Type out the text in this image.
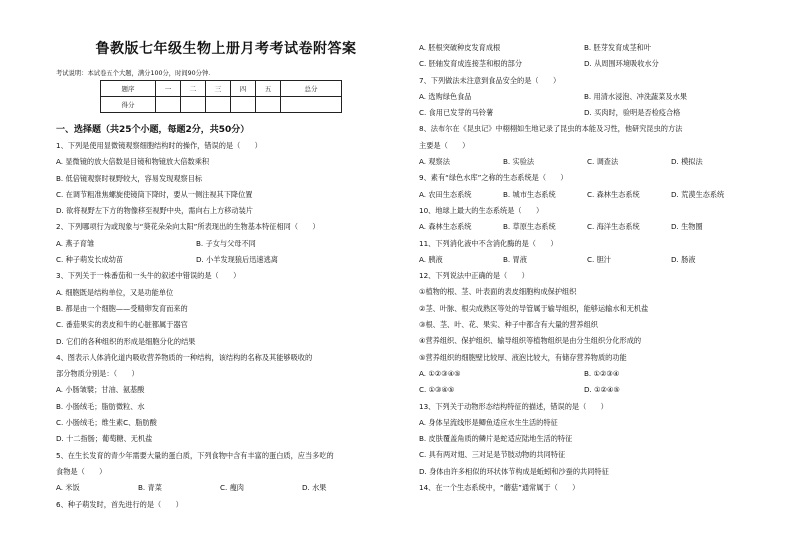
鲁教版七年级生物上册月考考试卷附答案
考试说明：本试卷五个大题，满分100分，时间90分钟.
题序	一	二	三	四	五	总分
得分						
一、选择题（共25个小题，每题2分，共50分）
1、下列是使用显微镜观察细胞结构时的操作，错误的是（　　）
A. 显微镜的放大倍数是目镜和物镜放大倍数乘积
B. 低倍镜观察时视野较大，容易发现观察目标
C. 在调节粗准焦螺旋使镜筒下降时，要从一侧注视其下降位置
D. 欲将视野左下方的物像移至视野中央，需向右上方移动装片
2、下列哪项行为或现象与“葵花朵朵向太阳”所表现出的生物基本特征相同（　　）
A. 燕子育雏	B. 子女与父母不同
C. 种子萌发长成幼苗	D. 小羊发现狼后迅速逃离
3、下列关于一株番茄和一头牛的叙述中错误的是（　　）
A. 细胞既是结构单位，又是功能单位
B. 都是由一个细胞——受精卵发育而来的
C. 番茄果实的表皮和牛的心脏都属于器官
D. 它们的各种组织的形成是细胞分化的结果
4、图表示人体消化道内吸收营养物质的一种结构，该结构的名称及其能够吸收的
部分物质分别是：（　　）
A. 小肠皱襞；甘油、氨基酸
B. 小肠绒毛；脂肪微粒、水
C. 小肠绒毛；维生素C、脂肪酸
D. 十二指肠；葡萄糖、无机盐
5、在生长发育的青少年需要大量的蛋白质，下列食物中含有丰富的蛋白质，应当多吃的
食物是（　　）
A. 米饭	B. 青菜	C. 瘦肉	D. 水果
6、种子萌发时，首先进行的是（　　）
A. 胚根突破种皮发育成根	B. 胚芽发育成茎和叶
C. 胚轴发育成连接茎和根的部分	D. 从周围环境吸收水分
7、下列做法未注意到食品安全的是（　　）
A. 选购绿色食品	B. 用清水浸泡、冲洗蔬菜及水果
C. 食用已发芽的马铃薯	D. 买肉时，验明是否检疫合格
8、法布尔在《昆虫记》中栩栩如生地记录了昆虫的本能及习性，他研究昆虫的方法
主要是（　　）
A. 观察法	B. 实验法	C. 调查法	D. 模拟法
9、素有“绿色水库”之称的生态系统是（　　）
A. 农田生态系统	B. 城市生态系统	C. 森林生态系统	D. 荒漠生态系统
10、地球上最大的生态系统是（　　）
A. 森林生态系统	B. 草原生态系统	C. 海洋生态系统	D. 生物圈
11、下列消化液中不含消化酶的是（　　）
A. 胰液	B. 胃液	C. 胆汁	D. 肠液
12、下列说法中正确的是（　　）
①植物的根、茎、叶表面的表皮细胞构成保护组织
②茎、叶脉、根尖成熟区等处的导管属于输导组织，能够运输水和无机盐
③根、茎、叶、花、果实、种子中都含有大量的营养组织
④营养组织、保护组织、输导组织等植物组织是由分生组织分化形成的
⑤营养组织的细胞壁比较厚、液泡比较大，有储存营养物质的功能
A. ①②③④⑤	B. ①②③④
C. ①③④⑤	D. ①②④⑤
13、下列关于动物形态结构特征的描述，错误的是（　　）
A. 身体呈流线形是鲫鱼适应水生生活的特征
B. 皮肤覆盖角质的鳞片是蛇适应陆地生活的特征
C. 具有两对翅、三对足是节肢动物的共同特征
D. 身体由许多相似的环状体节构成是蚯蚓和沙蚕的共同特征
14、在一个生态系统中，“蘑菇”通常属于（　　）
